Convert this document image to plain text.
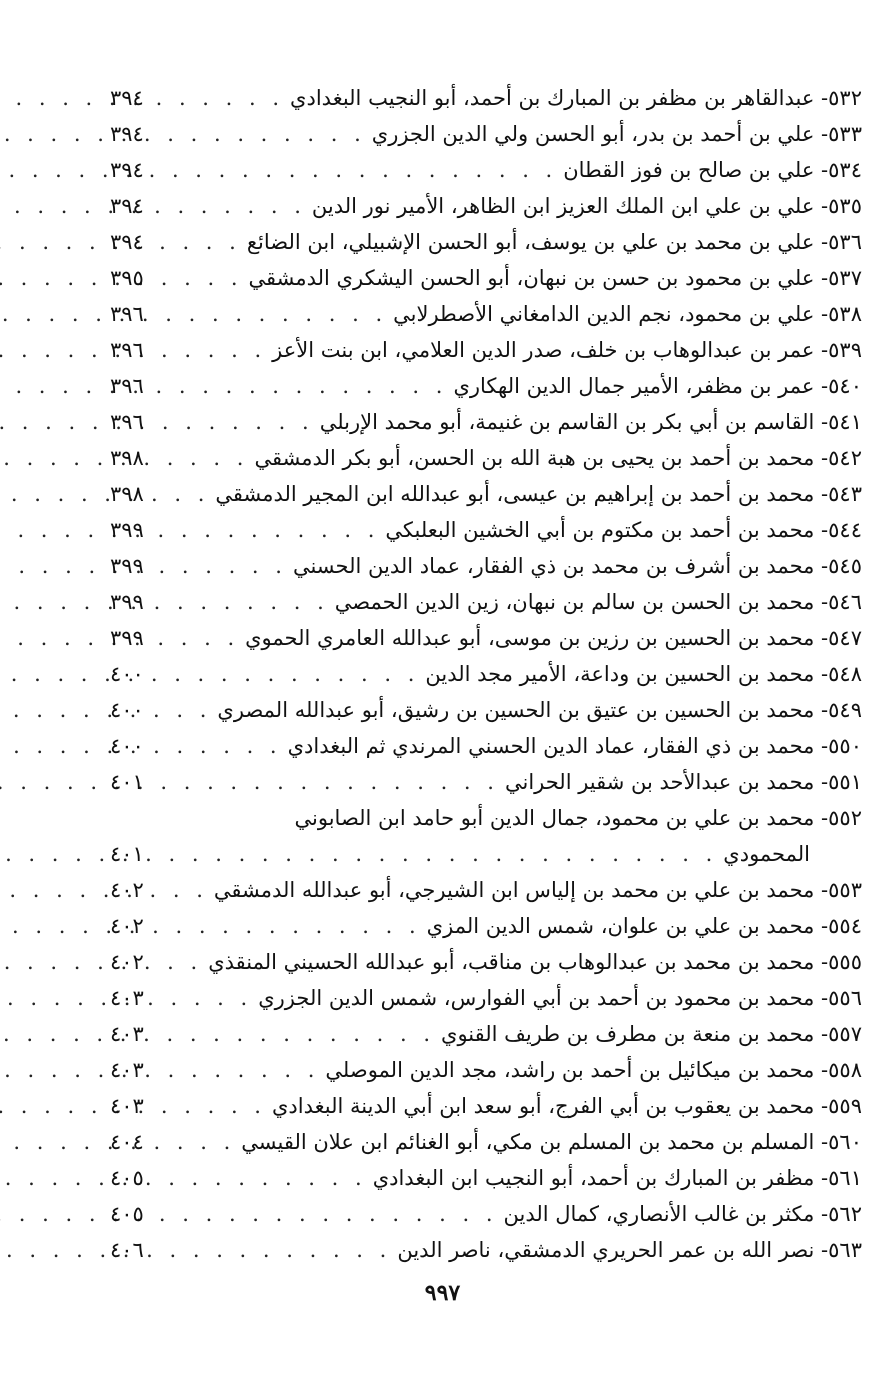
٥٣٢- عبدالقاهر بن مظفر بن المبارك بن أحمد، أبو النجيب البغدادي
. . .
٣٩٤
٥٣٣- علي بن أحمد بن بدر، أبو الحسن ولي الدين الجزري
. . .
٣٩٤
٥٣٤- علي بن صالح بن فوز القطان
. . .
٣٩٤
٥٣٥- علي بن علي ابن الملك العزيز ابن الظاهر، الأمير نور الدين
. . .
٣٩٤
٥٣٦- علي بن محمد بن علي بن يوسف، أبو الحسن الإشبيلي، ابن الضائع
. . .
٣٩٤
٥٣٧- علي بن محمود بن حسن بن نبهان، أبو الحسن اليشكري الدمشقي
. . .
٣٩٥
٥٣٨- علي بن محمود، نجم الدين الدامغاني الأصطرلابي
. . .
٣٩٦
٥٣٩- عمر بن عبدالوهاب بن خلف، صدر الدين العلامي، ابن بنت الأعز
. . .
٣٩٦
٥٤٠- عمر بن مظفر، الأمير جمال الدين الهكاري
. . .
٣٩٦
٥٤١- القاسم بن أبي بكر بن القاسم بن غنيمة، أبو محمد الإربلي
. . .
٣٩٦
٥٤٢- محمد بن أحمد بن يحيى بن هبة الله بن الحسن، أبو بكر الدمشقي
. . .
٣٩٨
٥٤٣- محمد بن أحمد بن إبراهيم بن عيسى، أبو عبدالله ابن المجير الدمشقي
. . .
٣٩٨
٥٤٤- محمد بن أحمد بن مكتوم بن أبي الخشين البعلبكي
. . .
٣٩٩
٥٤٥- محمد بن أشرف بن محمد بن ذي الفقار، عماد الدين الحسني
. . .
٣٩٩
٥٤٦- محمد بن الحسن بن سالم بن نبهان، زين الدين الحمصي
. . .
٣٩٩
٥٤٧- محمد بن الحسين بن رزين بن موسى، أبو عبدالله العامري الحموي
. . .
٣٩٩
٥٤٨- محمد بن الحسين بن وداعة، الأمير مجد الدين
. . .
٤٠٠
٥٤٩- محمد بن الحسين بن عتيق بن الحسين بن رشيق، أبو عبدالله المصري
. . .
٤٠٠
٥٥٠- محمد بن ذي الفقار، عماد الدين الحسني المرندي ثم البغدادي
. . .
٤٠٠
٥٥١- محمد بن عبدالأحد بن شقير الحراني
. . .
٤٠١
٥٥٢- محمد بن علي بن محمود، جمال الدين أبو حامد ابن الصابوني
المحمودي
. . .
٤٠١
٥٥٣- محمد بن علي بن محمد بن إلياس ابن الشيرجي، أبو عبدالله الدمشقي
. . .
٤٠٢
٥٥٤- محمد بن علي بن علوان، شمس الدين المزي
. . .
٤٠٢
٥٥٥- محمد بن محمد بن عبدالوهاب بن مناقب، أبو عبدالله الحسيني المنقذي
. . .
٤٠٢
٥٥٦- محمد بن محمود بن أحمد بن أبي الفوارس، شمس الدين الجزري
. . .
٤٠٣
٥٥٧- محمد بن منعة بن مطرف بن طريف القنوي
. . .
٤٠٣
٥٥٨- محمد بن ميكائيل بن أحمد بن راشد، مجد الدين الموصلي
. . .
٤٠٣
٥٥٩- محمد بن يعقوب بن أبي الفرج، أبو سعد ابن أبي الدينة البغدادي
. . .
٤٠٣
٥٦٠- المسلم بن محمد بن المسلم بن مكي، أبو الغنائم ابن علان القيسي
. . .
٤٠٤
٥٦١- مظفر بن المبارك بن أحمد، أبو النجيب ابن البغدادي
. . .
٤٠٥
٥٦٢- مكثر بن غالب الأنصاري، كمال الدين
. . .
٤٠٥
٥٦٣- نصر الله بن عمر الحريري الدمشقي، ناصر الدين
. . .
٤٠٦
٩٩٧
